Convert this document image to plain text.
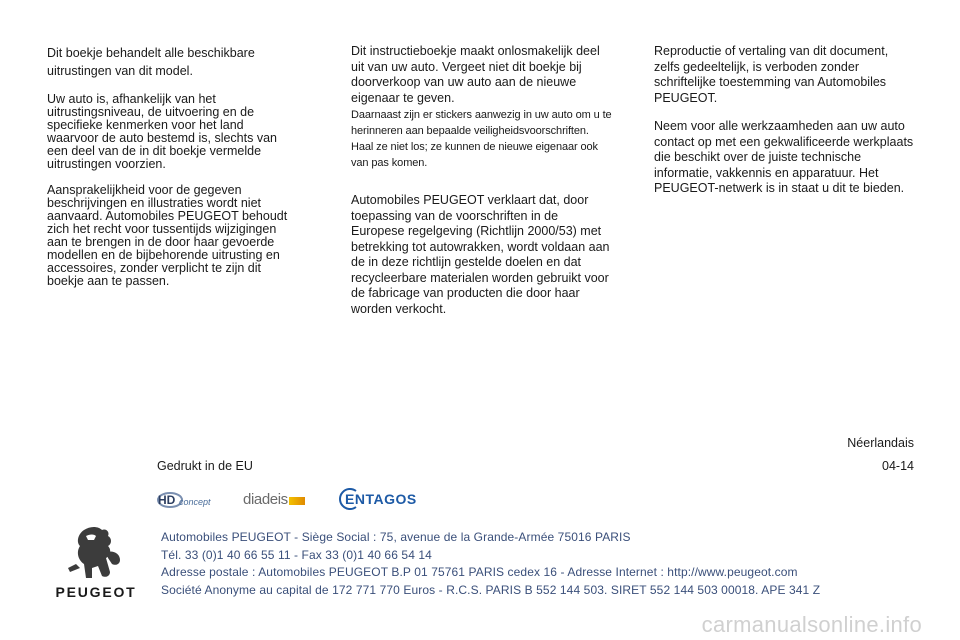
Dit boekje behandelt alle beschikbare uitrustingen van dit model.

Uw auto is, afhankelijk van het uitrustingsniveau, de uitvoering en de specifieke kenmerken voor het land waarvoor de auto bestemd is, slechts van een deel van de in dit boekje vermelde uitrustingen voorzien.

Aansprakelijkheid voor de gegeven beschrijvingen en illustraties wordt niet aanvaard. Automobiles PEUGEOT behoudt zich het recht voor tussentijds wijzigingen aan te brengen in de door haar gevoerde modellen en de bijbehorende uitrusting en accessoires, zonder verplicht te zijn dit boekje aan te passen.

Dit instructieboekje maakt onlosmakelijk deel uit van uw auto. Vergeet niet dit boekje bij doorverkoop van uw auto aan de nieuwe eigenaar te geven.
Daarnaast zijn er stickers aanwezig in uw auto om u te herinneren aan bepaalde veiligheidsvoorschriften. Haal ze niet los; ze kunnen de nieuwe eigenaar ook van pas komen.

Automobiles PEUGEOT verklaart dat, door toepassing van de voorschriften in de Europese regelgeving (Richtlijn 2000/53) met betrekking tot autowrakken, wordt voldaan aan de in deze richtlijn gestelde doelen en dat recycleerbare materialen worden gebruikt voor de fabricage van producten die door haar worden verkocht.

Reproductie of vertaling van dit document, zelfs gedeeltelijk, is verboden zonder schriftelijke toestemming van Automobiles PEUGEOT.

Neem voor alle werkzaamheden aan uw auto contact op met een gekwalificeerde werkplaats die beschikt over de juiste technische informatie, vakkennis en apparatuur. Het PEUGEOT-netwerk is in staat u dit te bieden.

Néerlandais
Gedrukt in de EU	04-14
HD concept diadeis	ENTAGOS
PEUGEOT
Automobiles PEUGEOT - Siège Social : 75, avenue de la Grande-Armée 75016 PARIS
Tél. 33 (0)1 40 66 55 11 - Fax 33 (0)1 40 66 54 14
Adresse postale : Automobiles PEUGEOT B.P 01 75761 PARIS cedex 16 - Adresse Internet : http://www.peugeot.com
Société Anonyme au capital de 172 771 770 Euros - R.C.S. PARIS B 552 144 503. SIRET 552 144 503 00018. APE 341 Z
carmanualsonline.info
